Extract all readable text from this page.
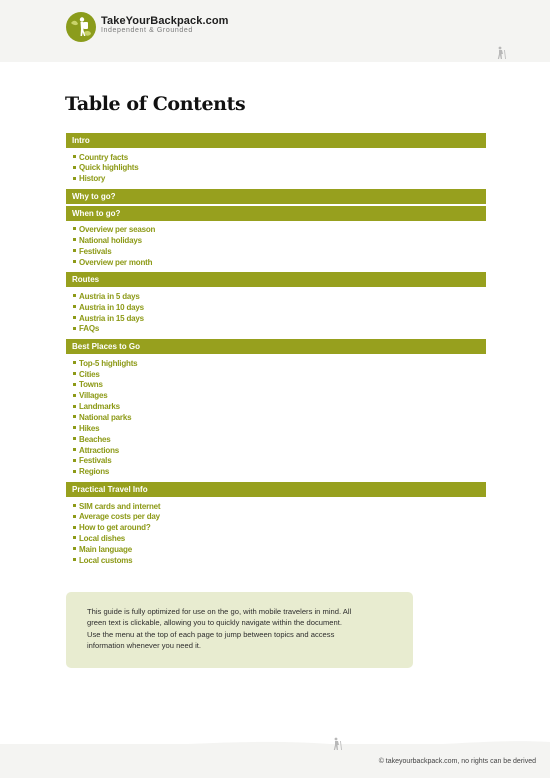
TakeYourBackpack.com
Independent & Grounded
Table of Contents
Intro
Country facts
Quick highlights
History
Why to go?
When to go?
Overview per season
National holidays
Festivals
Overview per month
Routes
Austria in 5 days
Austria in 10 days
Austria in 15 days
FAQs
Best Places to Go
Top-5 highlights
Cities
Towns
Villages
Landmarks
National parks
Hikes
Beaches
Attractions
Festivals
Regions
Practical Travel Info
SIM cards and internet
Average costs per day
How to get around?
Local dishes
Main language
Local customs
This guide is fully optimized for use on the go, with mobile travelers in mind. All
green text is clickable, allowing you to quickly navigate within the document.
Use the menu at the top of each page to jump between topics and access
information whenever you need it.
© takeyourbackpack.com, no rights can be derived
